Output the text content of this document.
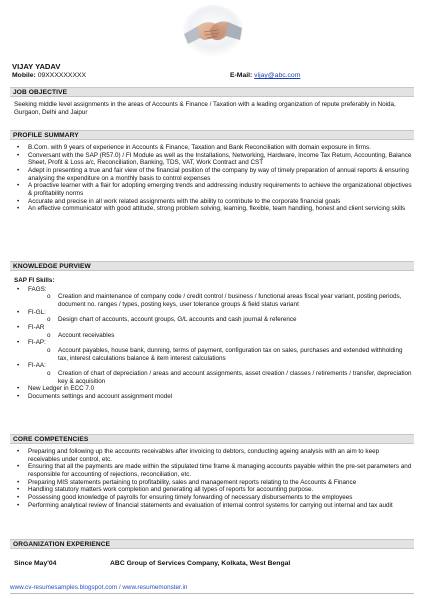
VIJAY YADAV
Mobile: 09XXXXXXXXX	E-Mail: vijay@abc.com
JOB OBJECTIVE
Seeking middle level assignments in the areas of Accounts & Finance / Taxation with a leading organization of repute preferably in Noida, Gurgaon, Delhi and Jaipur
PROFILE SUMMARY
• B.Com. with 9 years of experience in Accounts & Finance, Taxation and Bank Reconciliation with domain exposure in firms.
• Conversant with the SAP (R57.0) / FI Module as well as the Installations, Networking, Hardware, Income Tax Return, Accounting, Balance Sheet, Profit & Loss a/c, Reconciliation, Banking, TDS, VAT, Work Contract and CST
• Adept in presenting a true and fair view of the financial position of the company by way of timely preparation of annual reports & ensuring analysing the expenditure on a monthly basis to control expenses
• A proactive learner with a flair for adopting emerging trends and addressing industry requirements to achieve the organizational objectives & profitability norms
• Accurate and precise in all work related assignments with the ability to contribute to the corporate financial goals
• An effective communicator with good attitude, strong problem solving, learning, flexible, team handling, honest and client servicing skills
KNOWLEDGE PURVIEW
SAP FI Skills:
• FAGS:
o Creation and maintenance of company code / credit control / business / functional areas fiscal year variant, posting periods, document no. ranges / types, posting keys, user tolerance groups & field status variant
• FI-GL:
o Design chart of accounts, account groups, G/L accounts and cash journal & reference
• FI-AR
o Account receivables
• FI-AP:
o Account payables, house bank, dunning, terms of payment, configuration tax on sales, purchases and extended withholding tax, interest calculations balance & item interest calculations
• FI-AA:
o Creation of chart of depreciation / areas and account assignments, asset creation / classes / retirements / transfer, depreciation key & acquisition
• New Ledger in ECC 7.0
• Documents settings and account assignment model
CORE COMPETENCIES
• Preparing and following up the accounts receivables after invoicing to debtors, conducting ageing analysis with an aim to keep receivables under control, etc.
• Ensuring that all the payments are made within the stipulated time frame & managing accounts payable within the pre-set parameters and responsible for accounting of rejections, reconciliation, etc.
• Preparing MIS statements pertaining to profitability, sales and management reports relating to the Accounts & Finance
• Handling statutory matters work completion and generating all types of reports for accounting purpose.
• Possessing good knowledge of payrolls for ensuring timely forwarding of necessary disbursements to the employees
• Performing analytical review of financial statements and evaluation of internal control systems for carrying out internal and tax audit
ORGANIZATION EXPERIENCE
Since May'04	ABC Group of Services Company, Kolkata, West Bengal
www.cv-resumesamples.blogspot.com / www.resumemonster.in
